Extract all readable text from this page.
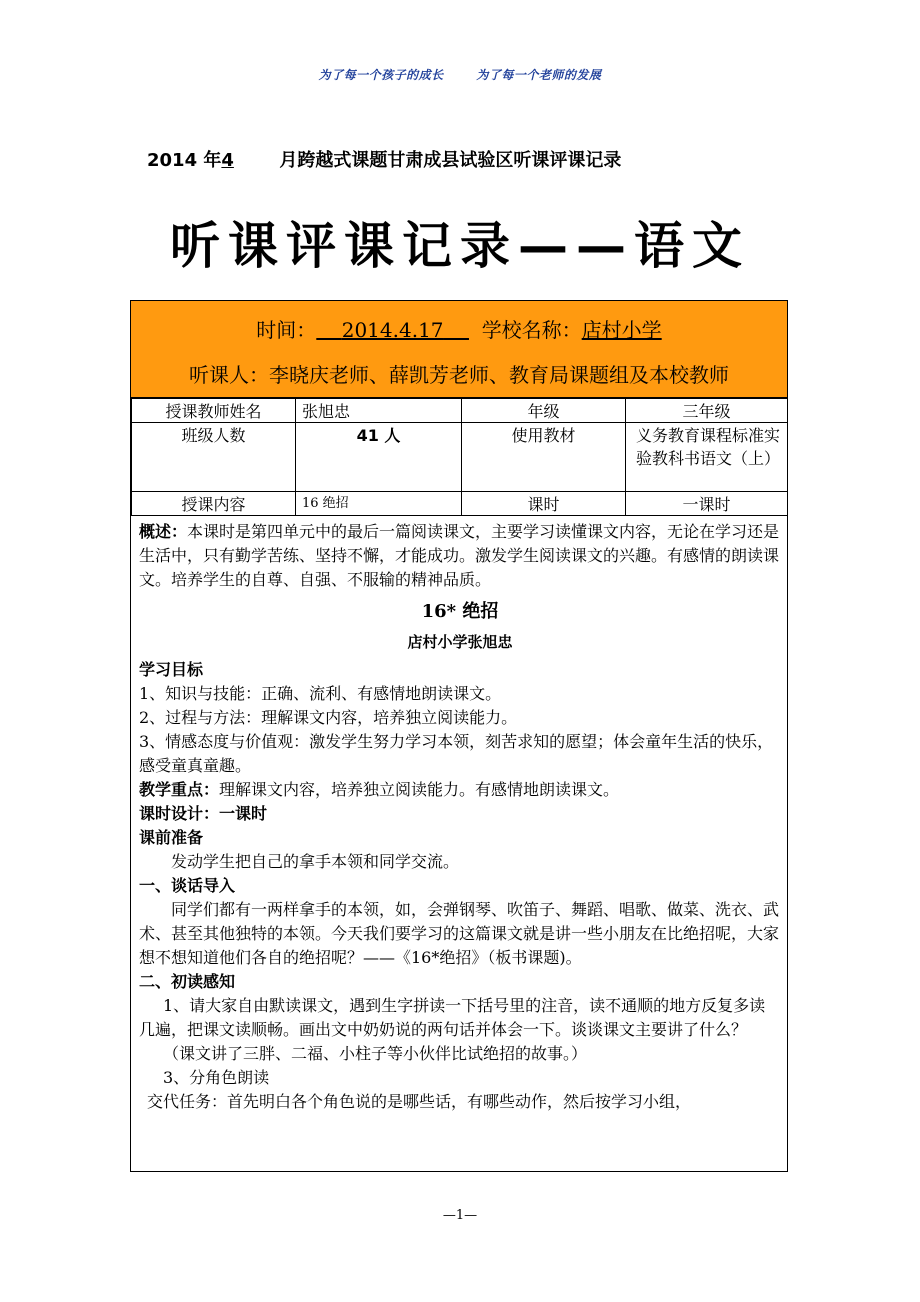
为了每一个孩子的成长	为了每一个老师的发展
2014 年4	月跨越式课题甘肃成县试验区听课评课记录
听课评课记录——语文
时间： 2014.4.17 学校名称：店村小学
听课人：李晓庆老师、薛凯芳老师、教育局课题组及本校教师
授课教师姓名	张旭忠	年级	三年级
班级人数	41 人	使用教材	义务教育课程标准实验教科书语文（上）
授课内容	16 绝招	课时	一课时

概述：本课时是第四单元中的最后一篇阅读课文，主要学习读懂课文内容，无论在学习还是生活中，只有勤学苦练、坚持不懈，才能成功。激发学生阅读课文的兴趣。有感情的朗读课文。培养学生的自尊、自强、不服输的精神品质。

16* 绝招

店村小学张旭忠

学习目标

1、知识与技能：正确、流利、有感情地朗读课文。

2、过程与方法：理解课文内容，培养独立阅读能力。

3、情感态度与价值观：激发学生努力学习本领，刻苦求知的愿望；体会童年生活的快乐，感受童真童趣。

教学重点：理解课文内容，培养独立阅读能力。有感情地朗读课文。

课时设计：一课时

课前准备

发动学生把自己的拿手本领和同学交流。

一、谈话导入

同学们都有一两样拿手的本领，如，会弹钢琴、吹笛子、舞蹈、唱歌、做菜、洗衣、武术、甚至其他独特的本领。今天我们要学习的这篇课文就是讲一些小朋友在比绝招呢，大家想不想知道他们各自的绝招呢？——《16*绝招》（板书课题)。

二、初读感知

1、请大家自由默读课文，遇到生字拼读一下括号里的注音，读不通顺的地方反复多读几遍，把课文读顺畅。画出文中奶奶说的两句话并体会一下。谈谈课文主要讲了什么？

（课文讲了三胖、二福、小柱子等小伙伴比试绝招的故事。）

3、分角色朗读

交代任务：首先明白各个角色说的是哪些话，有哪些动作，然后按学习小组，

—1—
